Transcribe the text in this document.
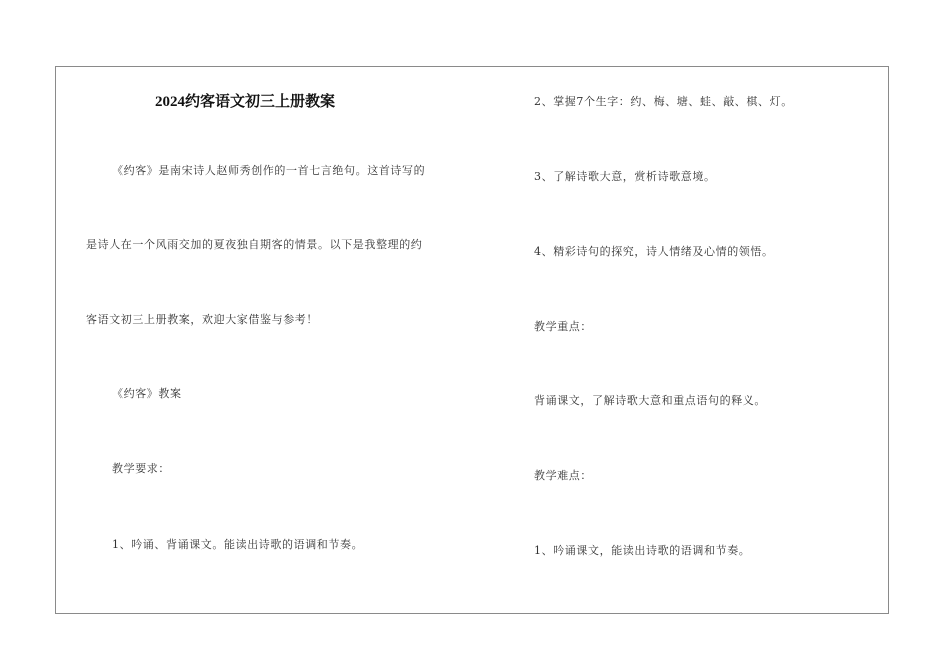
2024约客语文初三上册教案
《约客》是南宋诗人赵师秀创作的一首七言绝句。这首诗写的
是诗人在一个风雨交加的夏夜独自期客的情景。以下是我整理的约
客语文初三上册教案，欢迎大家借鉴与参考！
《约客》教案
教学要求：
1、吟诵、背诵课文。能读出诗歌的语调和节奏。
2、掌握7个生字：约、梅、塘、蛙、敲、棋、灯。
3、了解诗歌大意，赏析诗歌意境。
4、精彩诗句的探究，诗人情绪及心情的领悟。
教学重点：
背诵课文，了解诗歌大意和重点语句的释义。
教学难点：
1、吟诵课文，能读出诗歌的语调和节奏。
